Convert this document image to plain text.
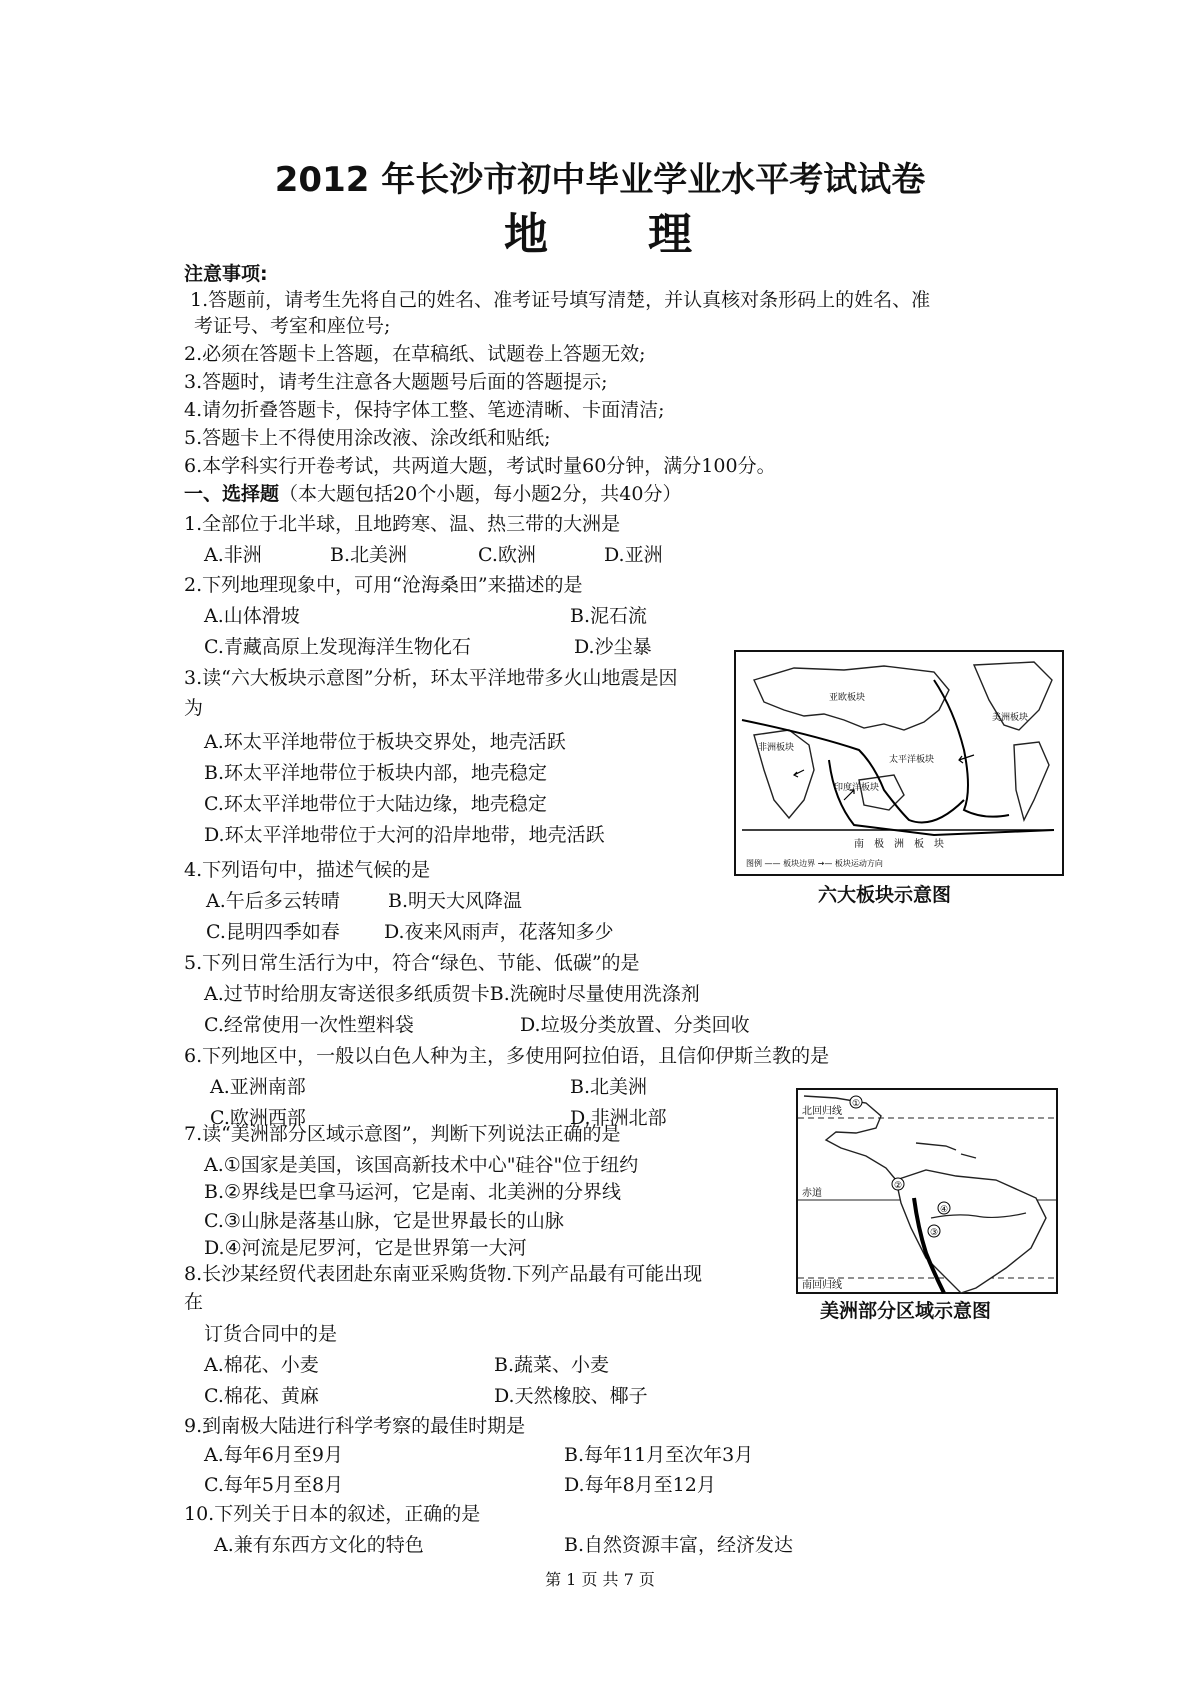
2012 年长沙市初中毕业学业水平考试试卷
地　　理
注意事项:
1.答题前，请考生先将自己的姓名、准考证号填写清楚，并认真核对条形码上的姓名、准
考证号、考室和座位号;
2.必须在答题卡上答题，在草稿纸、试题卷上答题无效;
3.答题时，请考生注意各大题题号后面的答题提示;
4.请勿折叠答题卡，保持字体工整、笔迹清晰、卡面清洁;
5.答题卡上不得使用涂改液、涂改纸和贴纸;
6.本学科实行开卷考试，共两道大题，考试时量60分钟，满分100分。
一、选择题（本大题包括20个小题，每小题2分，共40分）
1.全部位于北半球，且地跨寒、温、热三带的大洲是
A.非洲	B.北美洲	C.欧洲	D.亚洲
2.下列地理现象中，可用“沧海桑田”来描述的是
A.山体滑坡	B.泥石流
C.青藏高原上发现海洋生物化石	D.沙尘暴
3.读“六大板块示意图”分析，环太平洋地带多火山地震是因
为
A.环太平洋地带位于板块交界处，地壳活跃
B.环太平洋地带位于板块内部，地壳稳定
C.环太平洋地带位于大陆边缘，地壳稳定
D.环太平洋地带位于大河的沿岸地带，地壳活跃
亚欧板块
美洲板块
非洲板块
太平洋板块
印度洋板块
南　极　洲　板　块
图例 —— 板块边界 →— 板块运动方向
六大板块示意图
4.下列语句中，描述气候的是
A.午后多云转晴	B.明天大风降温
C.昆明四季如春 D.夜来风雨声，花落知多少
5.下列日常生活行为中，符合“绿色、节能、低碳”的是
A.过节时给朋友寄送很多纸质贺卡B.洗碗时尽量使用洗涤剂
C.经常使用一次性塑料袋	D.垃圾分类放置、分类回收
6.下列地区中，一般以白色人种为主，多使用阿拉伯语，且信仰伊斯兰教的是
A.亚洲南部	B.北美洲
C.欧洲西部	D.非洲北部
①
②
③
④
北回归线
赤道
南回归线
美洲部分区域示意图
7.读“美洲部分区域示意图”，判断下列说法正确的是
A.①国家是美国，该国高新技术中心"硅谷"位于纽约
B.②界线是巴拿马运河，它是南、北美洲的分界线
C.③山脉是落基山脉，它是世界最长的山脉
D.④河流是尼罗河，它是世界第一大河
8.长沙某经贸代表团赴东南亚采购货物.下列产品最有可能出现
在
订货合同中的是
A.棉花、小麦	B.蔬菜、小麦
C.棉花、黄麻	D.天然橡胶、椰子
9.到南极大陆进行科学考察的最佳时期是
A.每年6月至9月	B.每年11月至次年3月
C.每年5月至8月	D.每年8月至12月
10.下列关于日本的叙述，正确的是
A.兼有东西方文化的特色	B.自然资源丰富，经济发达
第 1 页 共 7 页
